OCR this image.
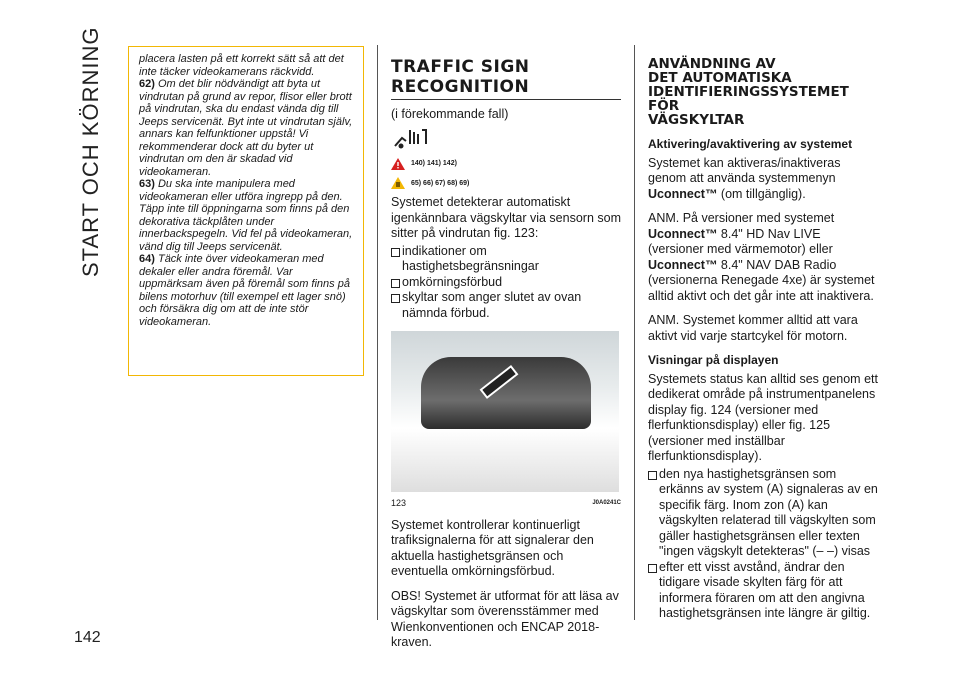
START OCH KÖRNING
142

placera lasten på ett korrekt sätt så att det inte täcker videokamerans räckvidd.

62) Om det blir nödvändigt att byta ut vindrutan på grund av repor, flisor eller brott på vindrutan, ska du endast vända dig till Jeeps servicenät. Byt inte ut vindrutan själv, annars kan felfunktioner uppstå! Vi rekommenderar dock att du byter ut vindrutan om den är skadad vid videokameran.

63) Du ska inte manipulera med videokameran eller utföra ingrepp på den. Täpp inte till öppningarna som finns på den dekorativa täckplåten under innerbackspegeln. Vid fel på videokameran, vänd dig till Jeeps servicenät.

64) Täck inte över videokameran med dekaler eller andra föremål. Var uppmärksam även på föremål som finns på bilens motorhuv (till exempel ett lager snö) och försäkra dig om att de inte stör videokameran.

TRAFFIC SIGN
RECOGNITION

(i förekommande fall)

140) 141) 142)
65) 66) 67) 68) 69)

Systemet detekterar automatiskt igenkännbara vägskyltar via sensorn som sitter på vindrutan fig. 123:

indikationer om hastighetsbegränsningar
omkörningsförbud
skyltar som anger slutet av ovan nämnda förbud.
123	J0A0241C

Systemet kontrollerar kontinuerligt trafiksignalerna för att signalerar den aktuella hastighetsgränsen och eventuella omkörningsförbud.

OBS! Systemet är utformat för att läsa av vägskyltar som överensstämmer med Wienkonventionen och ENCAP 2018-kraven.

ANVÄNDNING AV
DET AUTOMATISKA
IDENTIFIERINGSSYSTEMET FÖR
VÄGSKYLTAR
Aktivering/avaktivering av systemet

Systemet kan aktiveras/inaktiveras genom att använda systemmenyn Uconnect™ (om tillgänglig).

ANM. På versioner med systemet Uconnect™ 8.4" HD Nav LIVE (versioner med värmemotor) eller Uconnect™ 8.4" NAV DAB Radio (versionerna Renegade 4xe) är systemet alltid aktivt och det går inte att inaktivera.

ANM. Systemet kommer alltid att vara aktivt vid varje startcykel för motorn.

Visningar på displayen

Systemets status kan alltid ses genom ett dedikerat område på instrumentpanelens display fig. 124 (versioner med flerfunktionsdisplay) eller fig. 125 (versioner med inställbar flerfunktionsdisplay).

den nya hastighetsgränsen som erkänns av system (A) signaleras av en specifik färg. Inom zon (A) kan vägskylten relaterad till vägskylten som gäller hastighetsgränsen eller texten "ingen vägskylt detekteras" (– –) visas
efter ett visst avstånd, ändrar den tidigare visade skylten färg för att informera föraren om att den angivna hastighetsgränsen inte längre är giltig.
